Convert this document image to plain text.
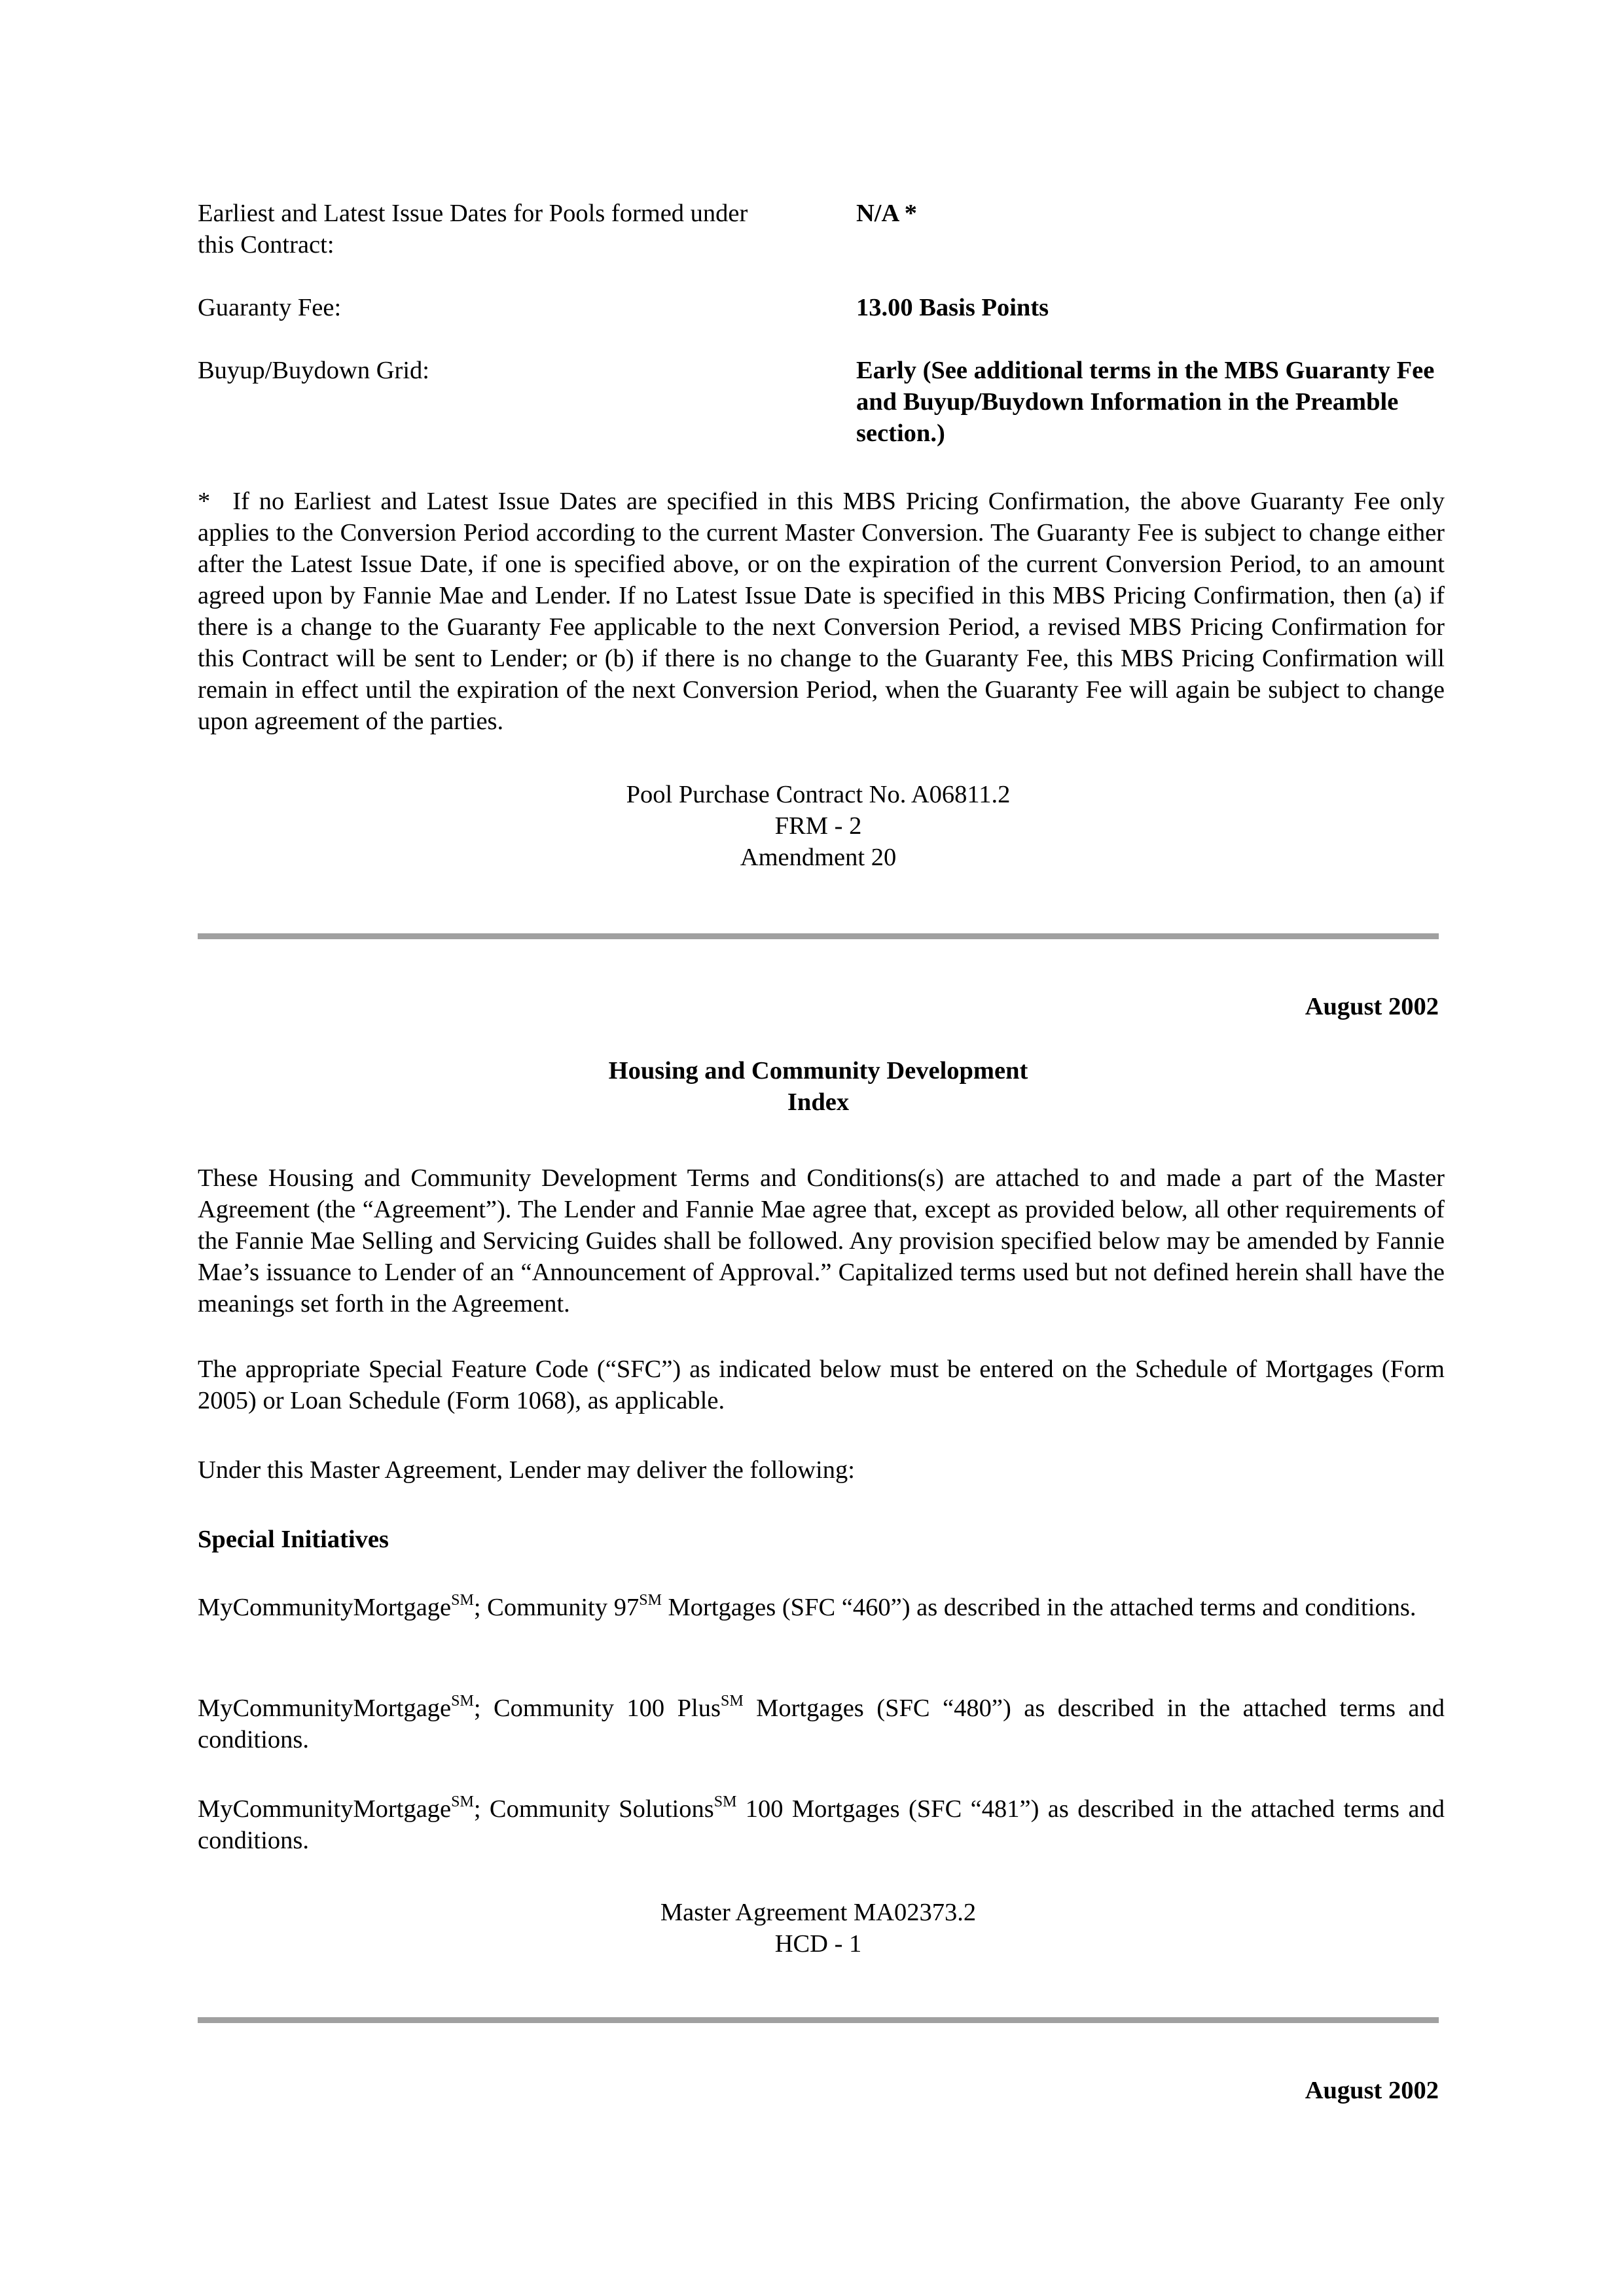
Earliest and Latest Issue Dates for Pools formed under this Contract:
N/A *
Guaranty Fee:	13.00 Basis Points
Buyup/Buydown Grid:	Early (See additional terms in the MBS Guaranty Fee and Buyup/Buydown Information in the Preamble section.)
*  If no Earliest and Latest Issue Dates are specified in this MBS Pricing Confirmation, the above Guaranty Fee only applies to the Conversion Period according to the current Master Conversion. The Guaranty Fee is subject to change either after the Latest Issue Date, if one is specified above, or on the expiration of the current Conversion Period, to an amount agreed upon by Fannie Mae and Lender. If no Latest Issue Date is specified in this MBS Pricing Confirmation, then (a) if there is a change to the Guaranty Fee applicable to the next Conversion Period, a revised MBS Pricing Confirmation for this Contract will be sent to Lender; or (b) if there is no change to the Guaranty Fee, this MBS Pricing Confirmation will remain in effect until the expiration of the next Conversion Period, when the Guaranty Fee will again be subject to change upon agreement of the parties.
Pool Purchase Contract No. A06811.2
FRM - 2
Amendment 20
August 2002
Housing and Community Development
Index
These Housing and Community Development Terms and Conditions(s) are attached to and made a part of the Master Agreement (the “Agreement”). The Lender and Fannie Mae agree that, except as provided below, all other requirements of the Fannie Mae Selling and Servicing Guides shall be followed. Any provision specified below may be amended by Fannie Mae’s issuance to Lender of an “Announcement of Approval.” Capitalized terms used but not defined herein shall have the meanings set forth in the Agreement.
The appropriate Special Feature Code (“SFC”) as indicated below must be entered on the Schedule of Mortgages (Form 2005) or Loan Schedule (Form 1068), as applicable.
Under this Master Agreement, Lender may deliver the following:
Special Initiatives
MyCommunityMortgage℠; Community 97℠ Mortgages (SFC “460”) as described in the attached terms and conditions.
MyCommunityMortgage℠; Community 100 Plus℠ Mortgages (SFC “480”) as described in the attached terms and conditions.
MyCommunityMortgage℠; Community Solutions℠ 100 Mortgages (SFC “481”) as described in the attached terms and conditions.
Master Agreement MA02373.2
HCD - 1
August 2002
